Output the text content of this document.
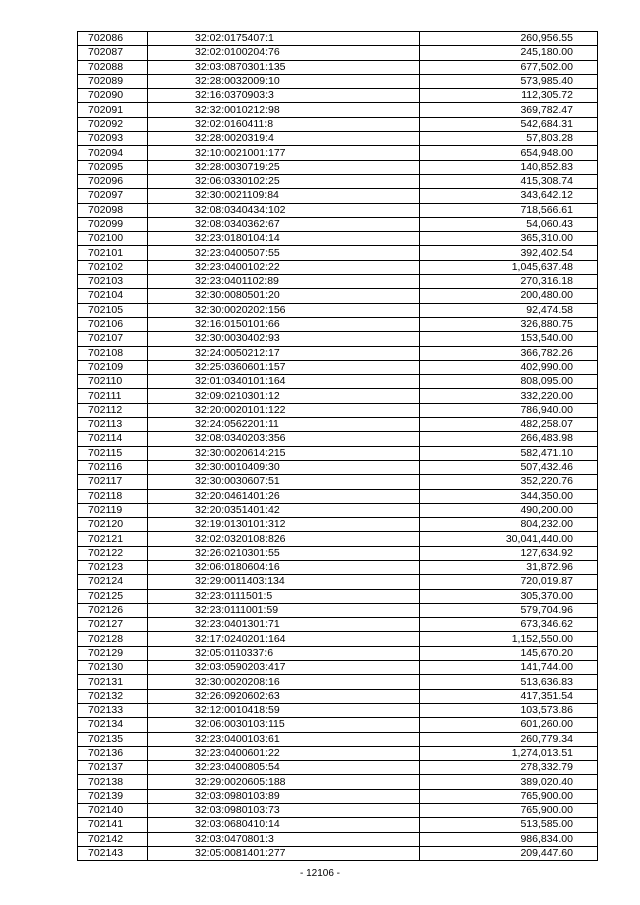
702086	32:02:0175407:1	260,956.55
702087	32:02:0100204:76	245,180.00
702088	32:03:0870301:135	677,502.00
702089	32:28:0032009:10	573,985.40
702090	32:16:0370903:3	112,305.72
702091	32:32:0010212:98	369,782.47
702092	32:02:0160411:8	542,684.31
702093	32:28:0020319:4	57,803.28
702094	32:10:0021001:177	654,948.00
702095	32:28:0030719:25	140,852.83
702096	32:06:0330102:25	415,308.74
702097	32:30:0021109:84	343,642.12
702098	32:08:0340434:102	718,566.61
702099	32:08:0340362:67	54,060.43
702100	32:23:0180104:14	365,310.00
702101	32:23:0400507:55	392,402.54
702102	32:23:0400102:22	1,045,637.48
702103	32:23:0401102:89	270,316.18
702104	32:30:0080501:20	200,480.00
702105	32:30:0020202:156	92,474.58
702106	32:16:0150101:66	326,880.75
702107	32:30:0030402:93	153,540.00
702108	32:24:0050212:17	366,782.26
702109	32:25:0360601:157	402,990.00
702110	32:01:0340101:164	808,095.00
702111	32:09:0210301:12	332,220.00
702112	32:20:0020101:122	786,940.00
702113	32:24:0562201:11	482,258.07
702114	32:08:0340203:356	266,483.98
702115	32:30:0020614:215	582,471.10
702116	32:30:0010409:30	507,432.46
702117	32:30:0030607:51	352,220.76
702118	32:20:0461401:26	344,350.00
702119	32:20:0351401:42	490,200.00
702120	32:19:0130101:312	804,232.00
702121	32:02:0320108:826	30,041,440.00
702122	32:26:0210301:55	127,634.92
702123	32:06:0180604:16	31,872.96
702124	32:29:0011403:134	720,019.87
702125	32:23:0111501:5	305,370.00
702126	32:23:0111001:59	579,704.96
702127	32:23:0401301:71	673,346.62
702128	32:17:0240201:164	1,152,550.00
702129	32:05:0110337:6	145,670.20
702130	32:03:0590203:417	141,744.00
702131	32:30:0020208:16	513,636.83
702132	32:26:0920602:63	417,351.54
702133	32:12:0010418:59	103,573.86
702134	32:06:0030103:115	601,260.00
702135	32:23:0400103:61	260,779.34
702136	32:23:0400601:22	1,274,013.51
702137	32:23:0400805:54	278,332.79
702138	32:29:0020605:188	389,020.40
702139	32:03:0980103:89	765,900.00
702140	32:03:0980103:73	765,900.00
702141	32:03:0680410:14	513,585.00
702142	32:03:0470801:3	986,834.00
702143	32:05:0081401:277	209,447.60
- 12106 -
